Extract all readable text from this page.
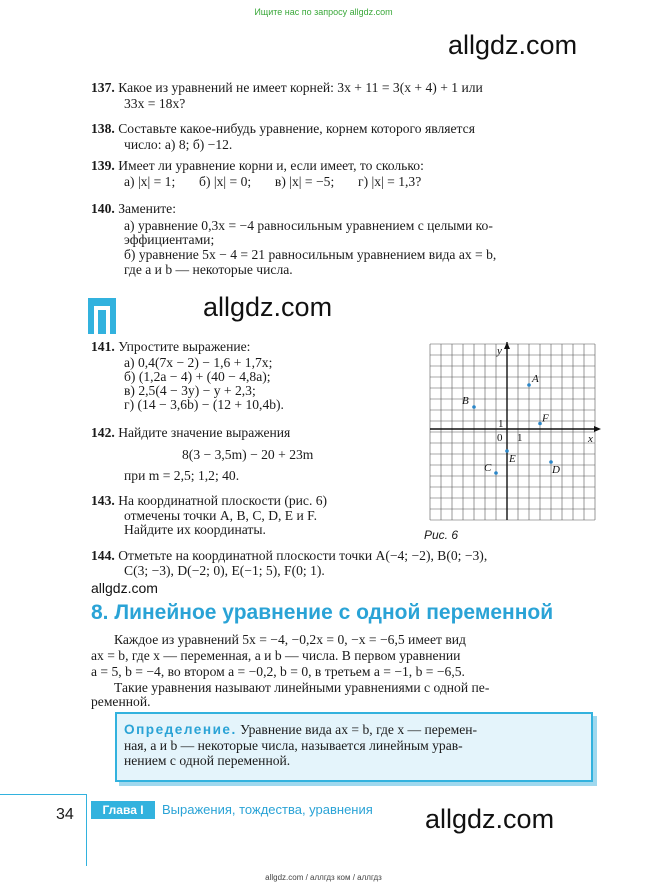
Ищите нас по запросу allgdz.com
allgdz.com
allgdz.com
allgdz.com
allgdz.com
137. Какое из уравнений не имеет корней: 3x + 11 = 3(x + 4) + 1 или
33x = 18x?
138. Составьте какое-нибудь уравнение, корнем которого является
число: а) 8; б) −12.
139. Имеет ли уравнение корни и, если имеет, то сколько:
а) |x| = 1;       б) |x| = 0;       в) |x| = −5;       г) |x| = 1,3?
140. Замените:
а) уравнение 0,3x = −4 равносильным уравнением с целыми ко-
эффициентами;
б) уравнение 5x − 4 = 21 равносильным уравнением вида ax = b,
где a и b — некоторые числа.
141. Упростите выражение:
а) 0,4(7x − 2) − 1,6 + 1,7x;
б) (1,2a − 4) + (40 − 4,8a);
в) 2,5(4 − 3y) − y + 2,3;
г) (14 − 3,6b) − (12 + 10,4b).
142. Найдите значение выражения
8(3 − 3,5m) − 20 + 23m
при m = 2,5; 1,2; 40.
143. На координатной плоскости (рис. 6)
отмечены точки A, B, C, D, E и F.
Найдите их координаты.
144. Отметьте на координатной плоскости точки A(−4; −2), B(0; −3),
C(3; −3), D(−2; 0), E(−1; 5), F(0; 1).
y
x
0 1
1
A
B
C	D
E
F
Рис. 6
8. Линейное уравнение с одной переменной
Каждое из уравнений 5x = −4, −0,2x = 0, −x = −6,5 имеет вид
ax = b, где x — переменная, a и b — числа. В первом уравнении
a = 5, b = −4, во втором a = −0,2, b = 0, в третьем a = −1, b = −6,5.
Такие уравнения называют линейными уравнениями с одной пе-
ременной.
Определение. Уравнение вида ax = b, где x — перемен-
ная, a и b — некоторые числа, называется линейным урав-
нением с одной переменной.
34	Глава I	Выражения, тождества, уравнения
allgdz.com / аллгдз ком / аллгдз
